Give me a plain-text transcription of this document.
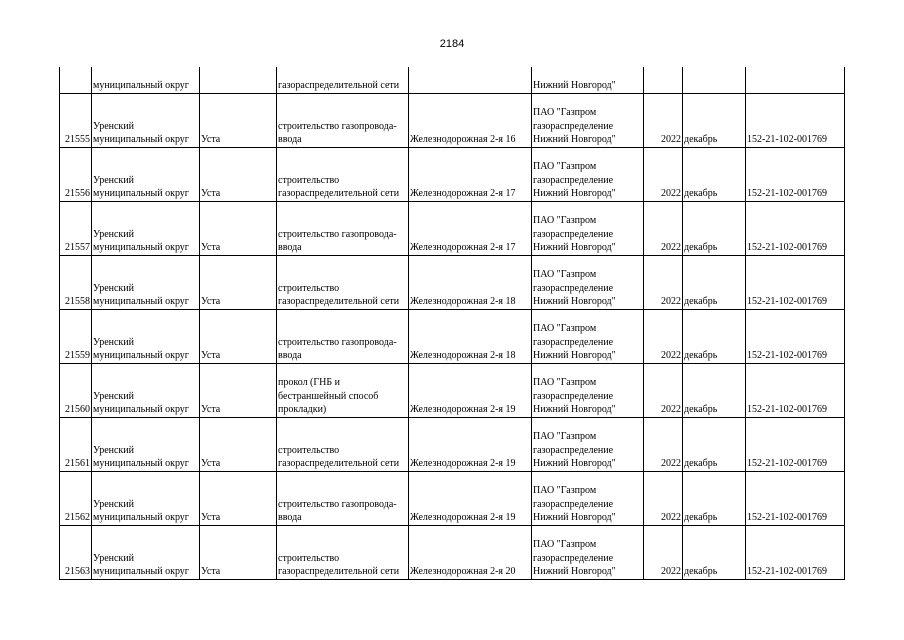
2184
	муниципальный округ		газораспределительной сети		Нижний Новгород"			
21555	Уренский
муниципальный округ	Уста	строительство газопровода-
ввода	Железнодорожная 2-я 16	ПАО "Газпром
газораспределение
Нижний Новгород"	2022	декабрь	152-21-102-001769
21556	Уренский
муниципальный округ	Уста	строительство
газораспределительной сети	Железнодорожная 2-я 17	ПАО "Газпром
газораспределение
Нижний Новгород"	2022	декабрь	152-21-102-001769
21557	Уренский
муниципальный округ	Уста	строительство газопровода-
ввода	Железнодорожная 2-я 17	ПАО "Газпром
газораспределение
Нижний Новгород"	2022	декабрь	152-21-102-001769
21558	Уренский
муниципальный округ	Уста	строительство
газораспределительной сети	Железнодорожная 2-я 18	ПАО "Газпром
газораспределение
Нижний Новгород"	2022	декабрь	152-21-102-001769
21559	Уренский
муниципальный округ	Уста	строительство газопровода-
ввода	Железнодорожная 2-я 18	ПАО "Газпром
газораспределение
Нижний Новгород"	2022	декабрь	152-21-102-001769
21560	Уренский
муниципальный округ	Уста	прокол (ГНБ и
бестраншейный способ
прокладки)	Железнодорожная 2-я 19	ПАО "Газпром
газораспределение
Нижний Новгород"	2022	декабрь	152-21-102-001769
21561	Уренский
муниципальный округ	Уста	строительство
газораспределительной сети	Железнодорожная 2-я 19	ПАО "Газпром
газораспределение
Нижний Новгород"	2022	декабрь	152-21-102-001769
21562	Уренский
муниципальный округ	Уста	строительство газопровода-
ввода	Железнодорожная 2-я 19	ПАО "Газпром
газораспределение
Нижний Новгород"	2022	декабрь	152-21-102-001769
21563	Уренский
муниципальный округ	Уста	строительство
газораспределительной сети	Железнодорожная 2-я 20	ПАО "Газпром
газораспределение
Нижний Новгород"	2022	декабрь	152-21-102-001769
